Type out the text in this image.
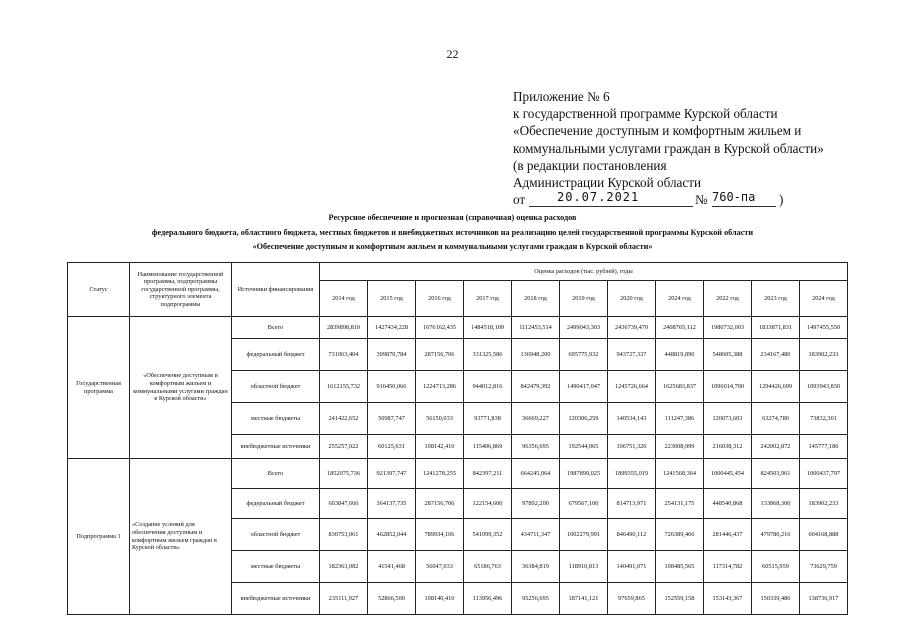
22
Приложение № 6
к государственной программе Курской области
«Обеспечение доступным и комфортным жильем и
коммунальными услугами граждан в Курской области»
(в редакции постановления
Администрации Курской области
от	20.07.2021	№ 760-па )
Ресурсное обеспечение и прогнозная (справочная) оценка расходов
федерального бюджета, областного бюджета, местных бюджетов и внебюджетных источников на реализацию целей государственной программы Курской области
«Обеспечение доступным и комфортным жильем и коммунальными услугами граждан в Курской области»
Статус	Наименование государственной программы, подпрограммы государственной программы, структурного элемента подпрограммы	Источники финансирования	Оценка расходов (тыс. рублей), годы										
			2014 год	2015 год	2016 год	2017 год	2018 год	2019 год	2020 год	2024 год	2022 год	2023 год	2024 год
Государственная программа	«Обеспечение доступным и комфортным жильем и коммунальными услугами граждан в Курской области»	Всего	2839898,810	1427434,228	1676162,435	1484518,109	1112453,514	2499043,303	2436739,470	2408765,112	1980732,003	1833871,831	1497455,550
		федеральный бюджет	731063,404	399870,784	287156,706	331325,586	136948,200	695775,932	943727,337	448819,890	548605,388	234167,480	183902,233
		областной бюджет	1612155,732	916450,066	1224713,286	944012,816	842479,392	1490417,047	1245726,664	1625683,837	1096014,700	1294426,699	1093943,830
		местные бюджеты	241422,652	50987,747	56150,033	93771,838	36669,227	120306,259	140534,143	111247,386	120073,603	63274,780	73832,301
		внебюджетные источники	255257,022	60125,631	108142,410	115406,869	96356,695	192544,065	106751,326	223008,999	216038,312	242002,872	145777,186
Подпрограмма 1	«Создание условий для обеспечения доступным и комфортным жильем граждан в Курской области»	Всего	1852075,736	921397,747	1241278,255	842397,211	664245,064	1987899,025	1899355,019	1241568,364	1000445,454	824503,961	1000437,797
		федеральный бюджет	603847,666	364137,735	287156,706	122154,600	97892,200	679567,100	814713,971	254131,175	448540,868	133868,300	183902,233
		областной бюджет	830753,061	462852,044	789934,106	541099,352	434711,347	1002279,991	846490,112	726389,466	281446,437	479780,216	604168,888
		местные бюджеты	182363,082	41541,468	56047,033	65186,763	36384,819	118910,813	140491,071	108485,565	117314,782	60515,959	73629,759
		внебюджетные источники	235111,927	52866,500	108140,410	113956,496	95256,695	187141,121	97659,865	152559,158	153143,367	150339,486	138736,917
